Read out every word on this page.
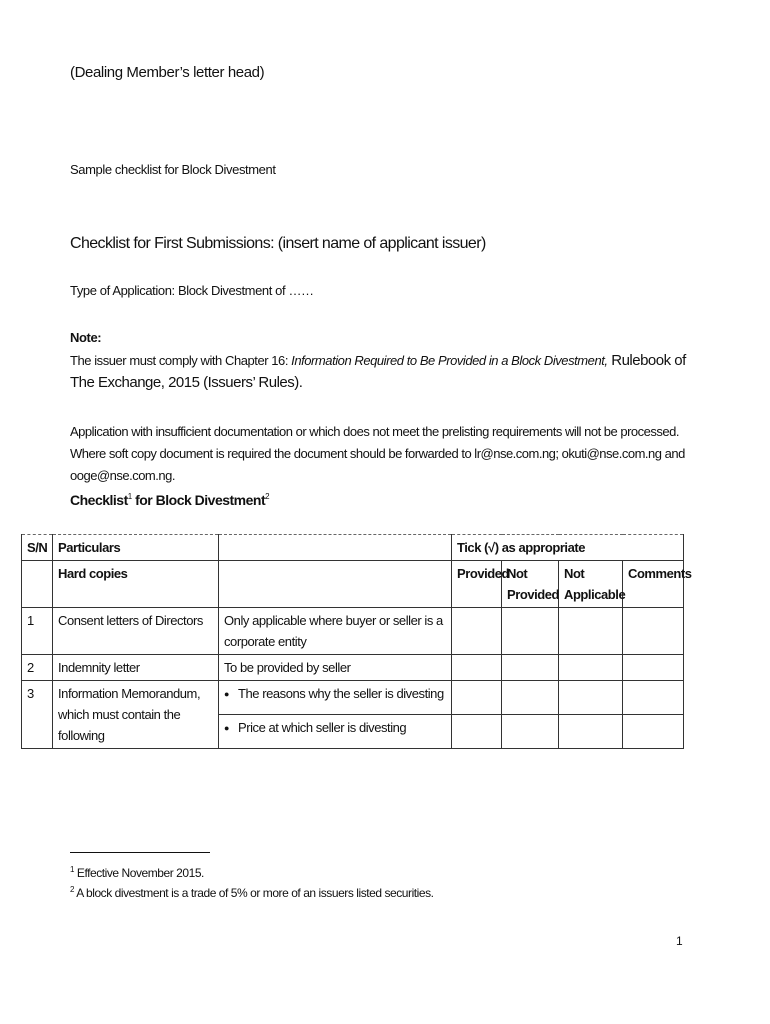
(Dealing Member’s letter head)
Sample checklist for Block Divestment
Checklist for First Submissions: (insert name of applicant issuer)
Type of Application: Block Divestment of ……
Note:
The issuer must comply with Chapter 16: Information Required to Be Provided in a Block Divestment, Rulebook of The Exchange, 2015 (Issuers’ Rules).
Application with insufficient documentation or which does not meet the prelisting requirements will not be processed. Where soft copy document is required the document should be forwarded to lr@nse.com.ng; okuti@nse.com.ng and ooge@nse.com.ng.
Checklist$^1$ for Block Divestment$^2$
S/N	Particulars		Tick (√) as appropriate			
	Hard copies		Provided	Not Provided	Not Applicable	Comments
1	Consent letters of Directors	Only applicable where buyer or seller is a corporate entity				
2	Indemnity letter	To be provided by seller				
3	Information Memorandum, which must contain the following	● The reasons why the seller is divesting				
		● Price at which seller is divesting				
$^1$ Effective November 2015.
$^2$ A block divestment is a trade of 5% or more of an issuers listed securities.
1
